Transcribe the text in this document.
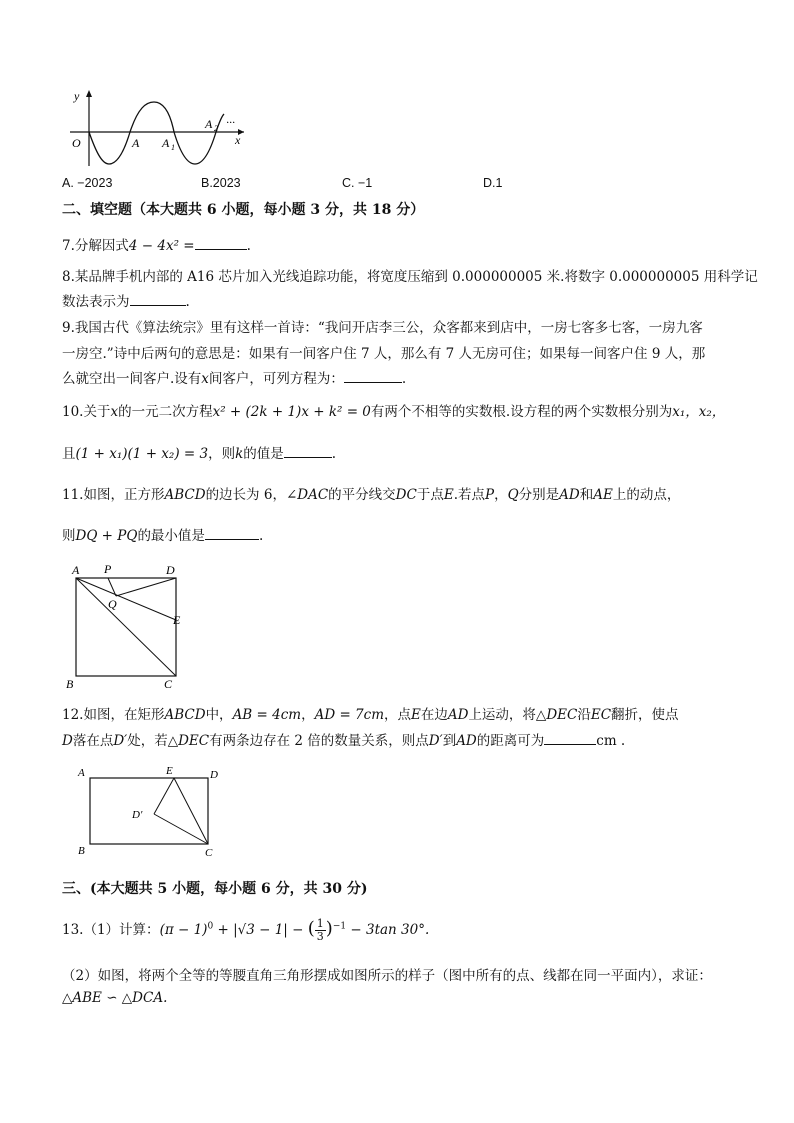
y
x
O	A A 1
A 2 ···
A. −2023	B.2023	C. −1	D.1
二、填空题（本大题共 6 小题，每小题 3 分，共 18 分）
7.分解因式4 − 4x² =	.
8.某品牌手机内部的 A16 芯片加入光线追踪功能，将宽度压缩到 0.000000005 米.将数字 0.000000005 用科学记
数法表示为	.
9.我国古代《算法统宗》里有这样一首诗：“我问开店李三公，众客都来到店中，一房七客多七客，一房九客
一房空.”诗中后两句的意思是：如果有一间客户住 7 人，那么有 7 人无房可住；如果每一间客户住 9 人，那
么就空出一间客户.设有x间客户，可列方程为：	.
10.关于x的一元二次方程x² + (2k + 1)x + k² = 0有两个不相等的实数根.设方程的两个实数根分别为x₁，x₂，
且(1 + x₁)(1 + x₂) = 3，则k的值是	.
11.如图，正方形ABCD的边长为 6，∠DAC的平分线交DC于点E.若点P，Q分别是AD和AE上的动点，
则DQ + PQ的最小值是	.
A P	D
Q
E
B	C
12.如图，在矩形ABCD中，AB = 4cm，AD = 7cm，点E在边AD上运动，将△DEC沿EC翻折，使点
D落在点D′处，若△DEC有两条边存在 2 倍的数量关系，则点D′到AD的距离可为	cm .
A	E	D
D′
B	C
三、(本大题共 5 小题，每小题 6 分，共 30 分)
13.（1）计算：$(\pi - 1)^0 + |√3 - 1|$ − ( $\frac{1}{3} )^{-1} - 3\tan$ 30°.
（2）如图，将两个全等的等腰直角三角形摆成如图所示的样子（图中所有的点、线都在同一平面内），求证：
△ABE ∽ △DCA.
